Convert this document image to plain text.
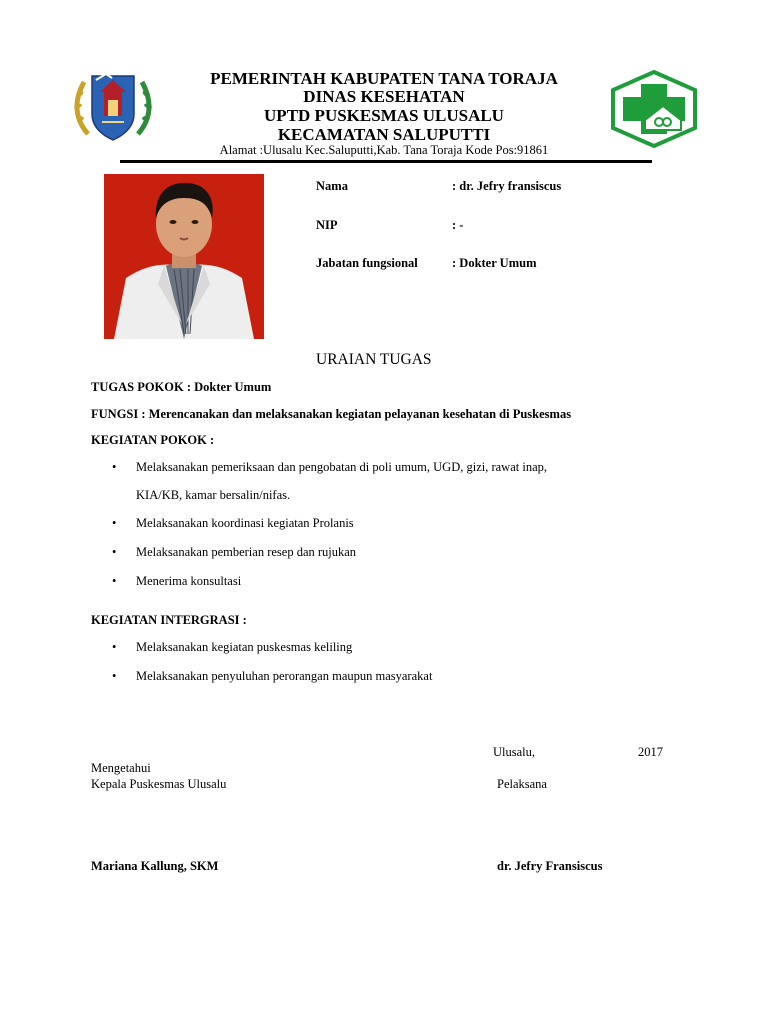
PEMERINTAH KABUPATEN TANA TORAJA
DINAS KESEHATAN
UPTD PUSKESMAS ULUSALU
KECAMATAN SALUPUTTI
Alamat :Ulusalu Kec.Saluputti,Kab. Tana Toraja Kode Pos:91861
Nama	: dr. Jefry fransiscus
NIP	: -
Jabatan fungsional	: Dokter Umum
URAIAN TUGAS
TUGAS POKOK : Dokter Umum
FUNGSI : Merencanakan dan melaksanakan kegiatan pelayanan kesehatan di Puskesmas
KEGIATAN POKOK :
• Melaksanakan pemeriksaan dan pengobatan di poli umum, UGD, gizi, rawat inap,
KIA/KB, kamar bersalin/nifas.
• Melaksanakan koordinasi kegiatan Prolanis
• Melaksanakan pemberian resep dan rujukan
• Menerima konsultasi
KEGIATAN INTERGRASI :
• Melaksanakan kegiatan puskesmas keliling
• Melaksanakan penyuluhan perorangan maupun masyarakat
Ulusalu,	2017
Mengetahui
Kepala Puskesmas Ulusalu	Pelaksana
Mariana Kallung, SKM	dr. Jefry Fransiscus
